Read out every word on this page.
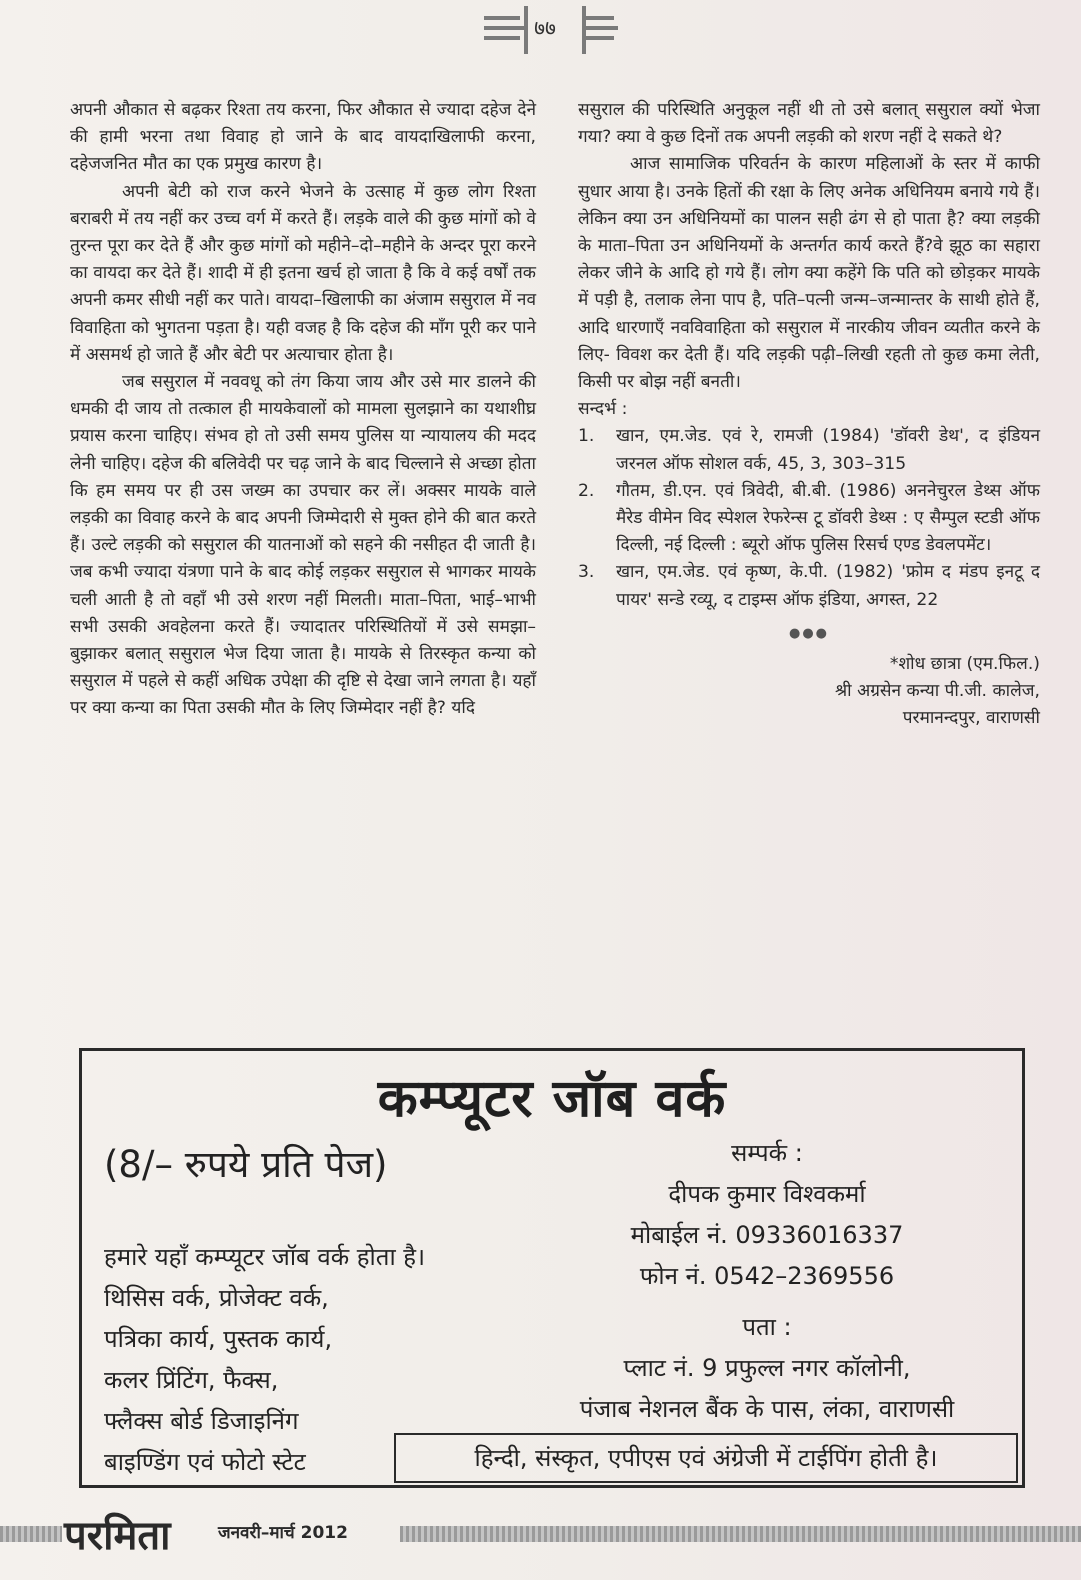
७७

अपनी औकात से बढ़कर रिश्ता तय करना, फिर औकात से ज्यादा दहेज देने की हामी भरना तथा विवाह हो जाने के बाद वायदाखिलाफी करना, दहेजजनित मौत का एक प्रमुख कारण है।

अपनी बेटी को राज करने भेजने के उत्साह में कुछ लोग रिश्ता बराबरी में तय नहीं कर उच्च वर्ग में करते हैं। लड़के वाले की कुछ मांगों को वे तुरन्त पूरा कर देते हैं और कुछ मांगों को महीने–दो–महीने के अन्दर पूरा करने का वायदा कर देते हैं। शादी में ही इतना खर्च हो जाता है कि वे कई वर्षों तक अपनी कमर सीधी नहीं कर पाते। वायदा–खिलाफी का अंजाम ससुराल में नव विवाहिता को भुगतना पड़ता है। यही वजह है कि दहेज की माँग पूरी कर पाने में असमर्थ हो जाते हैं और बेटी पर अत्याचार होता है।

जब ससुराल में नववधू को तंग किया जाय और उसे मार डालने की धमकी दी जाय तो तत्काल ही मायकेवालों को मामला सुलझाने का यथाशीघ्र प्रयास करना चाहिए। संभव हो तो उसी समय पुलिस या न्यायालय की मदद लेनी चाहिए। दहेज की बलिवेदी पर चढ़ जाने के बाद चिल्लाने से अच्छा होता कि हम समय पर ही उस जख्म का उपचार कर लें। अक्सर मायके वाले लड़की का विवाह करने के बाद अपनी जिम्मेदारी से मुक्त होने की बात करते हैं। उल्टे लड़की को ससुराल की यातनाओं को सहने की नसीहत दी जाती है। जब कभी ज्यादा यंत्रणा पाने के बाद कोई लड़कर ससुराल से भागकर मायके चली आती है तो वहाँ भी उसे शरण नहीं मिलती। माता–पिता, भाई–भाभी सभी उसकी अवहेलना करते हैं। ज्यादातर परिस्थितियों में उसे समझा–बुझाकर बलात् ससुराल भेज दिया जाता है। मायके से तिरस्कृत कन्या को ससुराल में पहले से कहीं अधिक उपेक्षा की दृष्टि से देखा जाने लगता है। यहाँ पर क्या कन्या का पिता उसकी मौत के लिए जिम्मेदार नहीं है? यदि

ससुराल की परिस्थिति अनुकूल नहीं थी तो उसे बलात् ससुराल क्यों भेजा गया? क्या वे कुछ दिनों तक अपनी लड़की को शरण नहीं दे सकते थे?

आज सामाजिक परिवर्तन के कारण महिलाओं के स्तर में काफी सुधार आया है। उनके हितों की रक्षा के लिए अनेक अधिनियम बनाये गये हैं। लेकिन क्या उन अधिनियमों का पालन सही ढंग से हो पाता है? क्या लड़की के माता–पिता उन अधिनियमों के अन्तर्गत कार्य करते हैं?वे झूठ का सहारा लेकर जीने के आदि हो गये हैं। लोग क्या कहेंगे कि पति को छोड़कर मायके में पड़ी है, तलाक लेना पाप है, पति–पत्नी जन्म–जन्मान्तर के साथी होते हैं, आदि धारणाएँ नवविवाहिता को ससुराल में नारकीय जीवन व्यतीत करने के लिए- विवश कर देती हैं। यदि लड़की पढ़ी–लिखी रहती तो कुछ कमा लेती, किसी पर बोझ नहीं बनती।

सन्दर्भ :

1. खान, एम.जेड. एवं रे, रामजी (1984) 'डॉवरी डेथ', द इंडियन जरनल ऑफ सोशल वर्क, 45, 3, 303–315
2. गौतम, डी.एन. एवं त्रिवेदी, बी.बी. (1986) अननेचुरल डेथ्स ऑफ मैरेड वीमेन विद स्पेशल रेफरेन्स टू डॉवरी डेथ्स : ए सैम्पुल स्टडी ऑफ दिल्ली, नई दिल्ली : ब्यूरो ऑफ पुलिस रिसर्च एण्ड डेवलपमेंट।
3. खान, एम.जेड. एवं कृष्ण, के.पी. (1982) 'फ्रोम द मंडप इनटू द पायर' सन्डे रव्यू, द टाइम्स ऑफ इंडिया, अगस्त, 22
●●●
*शोध छात्रा (एम.फिल.)
श्री अग्रसेन कन्या पी.जी. कालेज,
परमानन्दपुर, वाराणसी
कम्प्यूटर जॉब वर्क
(8/– रुपये प्रति पेज)
हमारे यहाँ कम्प्यूटर जॉब वर्क होता है।
थिसिस वर्क, प्रोजेक्ट वर्क,
पत्रिका कार्य, पुस्तक कार्य,
कलर प्रिंटिंग, फैक्स,
फ्लैक्स बोर्ड डिजाइनिंग
बाइण्डिंग एवं फोटो स्टेट
सम्पर्क :
दीपक कुमार विश्वकर्मा
मोबाईल नं. 09336016337
फोन नं. 0542–2369556
पता :
प्लाट नं. 9 प्रफुल्ल नगर कॉलोनी,
पंजाब नेशनल बैंक के पास, लंका, वाराणसी
हिन्दी, संस्कृत, एपीएस एवं अंग्रेजी में टाईपिंग होती है।
परमिता	जनवरी–मार्च 2012
